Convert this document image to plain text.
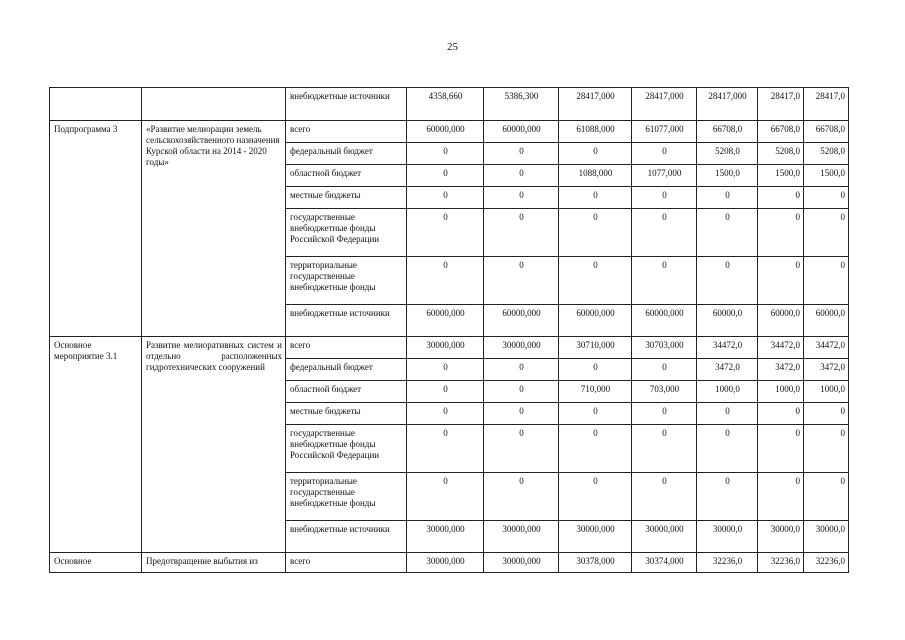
25
		внебюджетные источники	4358,660	5386,300	28417,000	28417,000	28417,000	28417,0	28417,0
Подпрограмма 3	«Развитие мелиорации земель сельскохозяйственного назначения Курской области на 2014 - 2020 годы»	всего	60000,000	60000,000	61088,000	61077,000	66708,0	66708,0	66708,0
		федеральный бюджет	0	0	0	0	5208,0	5208,0	5208,0
		областной бюджет	0	0	1088,000	1077,000	1500,0	1500,0	1500,0
		местные бюджеты	0	0	0	0	0	0	0
		государственные внебюджетные фонды Российской Федерации	0	0	0	0	0	0	0
		территориальные государственные внебюджетные фонды	0	0	0	0	0	0	0
		внебюджетные источники	60000,000	60000,000	60000,000	60000,000	60000,0	60000,0	60000,0
Основное мероприятие 3.1	Развитие мелиоративных систем и отдельно расположенных гидротехнических сооружений	всего	30000,000	30000,000	30710,000	30703,000	34472,0	34472,0	34472,0
		федеральный бюджет	0	0	0	0	3472,0	3472,0	3472,0
		областной бюджет	0	0	710,000	703,000	1000,0	1000,0	1000,0
		местные бюджеты	0	0	0	0	0	0	0
		государственные внебюджетные фонды Российской Федерации	0	0	0	0	0	0	0
		территориальные государственные внебюджетные фонды	0	0	0	0	0	0	0
		внебюджетные источники	30000,000	30000,000	30000,000	30000,000	30000,0	30000,0	30000,0
Основное	Предотвращение выбытия из	всего	30000,000	30000,000	30378,000	30374,000	32236,0	32236,0	32236,0
